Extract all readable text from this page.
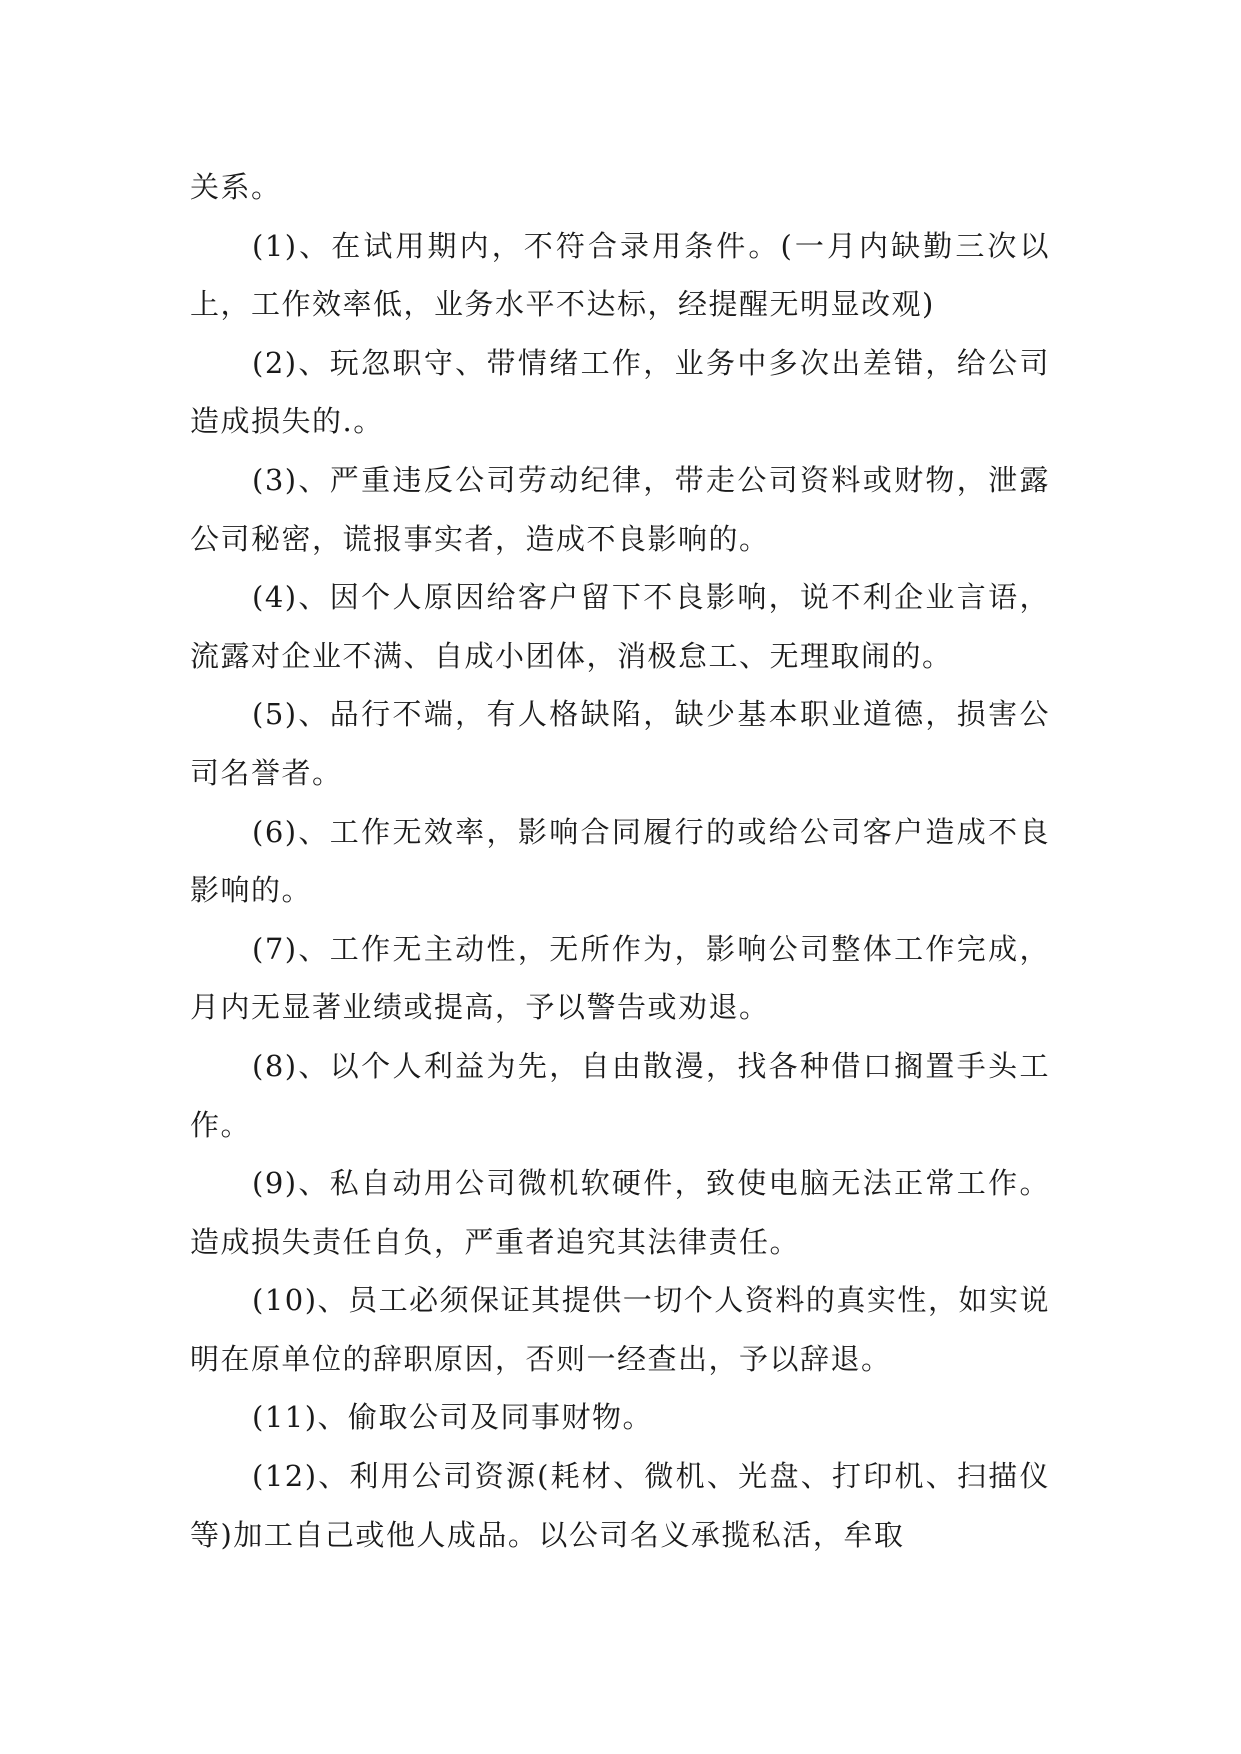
关系。

(1)、在试用期内，不符合录用条件。(一月内缺勤三次以上，工作效率低，业务水平不达标，经提醒无明显改观)

(2)、玩忽职守、带情绪工作，业务中多次出差错，给公司造成损失的.。

(3)、严重违反公司劳动纪律，带走公司资料或财物，泄露公司秘密，谎报事实者，造成不良影响的。

(4)、因个人原因给客户留下不良影响，说不利企业言语，流露对企业不满、自成小团体，消极怠工、无理取闹的。

(5)、品行不端，有人格缺陷，缺少基本职业道德，损害公司名誉者。

(6)、工作无效率，影响合同履行的或给公司客户造成不良影响的。

(7)、工作无主动性，无所作为，影响公司整体工作完成，月内无显著业绩或提高，予以警告或劝退。

(8)、以个人利益为先，自由散漫，找各种借口搁置手头工作。

(9)、私自动用公司微机软硬件，致使电脑无法正常工作。造成损失责任自负，严重者追究其法律责任。

(10)、员工必须保证其提供一切个人资料的真实性，如实说明在原单位的辞职原因，否则一经查出，予以辞退。

(11)、偷取公司及同事财物。

(12)、利用公司资源(耗材、微机、光盘、打印机、扫描仪等)加工自己或他人成品。以公司名义承揽私活，牟取
